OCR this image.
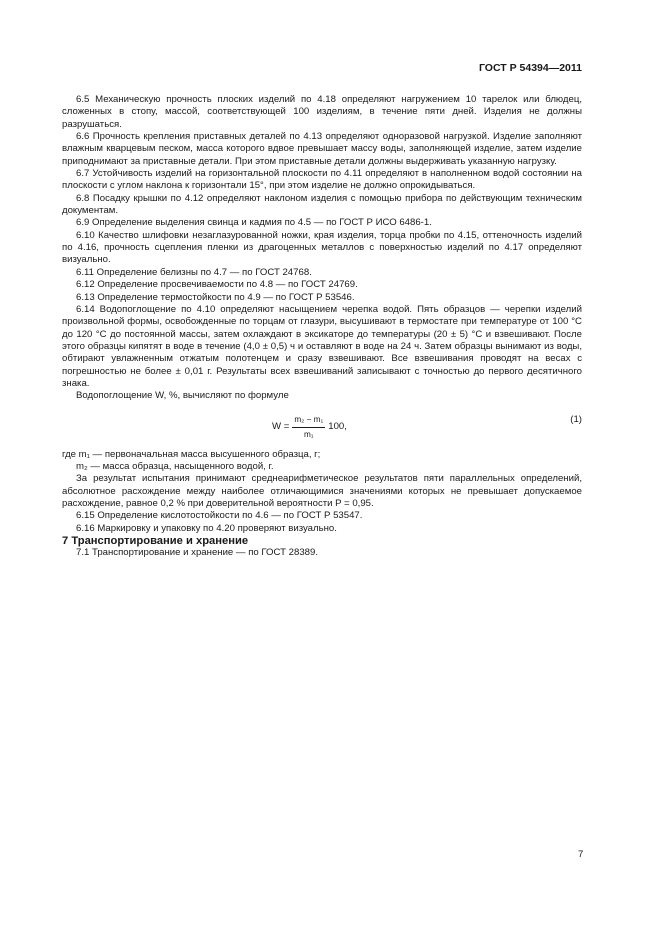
ГОСТ Р 54394—2011

6.5 Механическую прочность плоских изделий по 4.18 определяют нагружением 10 тарелок или блюдец, сложенных в стопу, массой, соответствующей 100 изделиям, в течение пяти дней. Изделия не должны разрушаться.

6.6 Прочность крепления приставных деталей по 4.13 определяют одноразовой нагрузкой. Изделие заполняют влажным кварцевым песком, масса которого вдвое превышает массу воды, заполняющей изделие, затем изделие приподнимают за приставные детали. При этом приставные детали должны выдерживать указанную нагрузку.

6.7 Устойчивость изделий на горизонтальной плоскости по 4.11 определяют в наполненном водой состоянии на плоскости с углом наклона к горизонтали 15°, при этом изделие не должно опрокидываться.

6.8 Посадку крышки по 4.12 определяют наклоном изделия с помощью прибора по действующим техническим документам.

6.9 Определение выделения свинца и кадмия по 4.5 — по ГОСТ Р ИСО 6486-1.

6.10 Качество шлифовки незаглазурованной ножки, края изделия, торца пробки по 4.15, оттеночность изделий по 4.16, прочность сцепления пленки из драгоценных металлов с поверхностью изделий по 4.17 определяют визуально.

6.11 Определение белизны по 4.7 — по ГОСТ 24768.

6.12 Определение просвечиваемости по 4.8 — по ГОСТ 24769.

6.13 Определение термостойкости по 4.9 — по ГОСТ Р 53546.

6.14 Водопоглощение по 4.10 определяют насыщением черепка водой. Пять образцов — черепки изделий произвольной формы, освобожденные по торцам от глазури, высушивают в термостате при температуре от 100 °С до 120 °С до постоянной массы, затем охлаждают в эксикаторе до температуры (20 ± 5) °С и взвешивают. После этого образцы кипятят в воде в течение (4,0 ± 0,5) ч и оставляют в воде на 24 ч. Затем образцы вынимают из воды, обтирают увлажненным отжатым полотенцем и сразу взвешивают. Все взвешивания проводят на весах с погрешностью не более ± 0,01 г. Результаты всех взвешиваний записывают с точностью до первого десятичного знака.

Водопоглощение W, %, вычисляют по формуле

$W = \frac{\text{m₂ − m₁}}{\text{m₁}} 100$,
(1)

где m₁ — первоначальная масса высушенного образца, г;

m₂ — масса образца, насыщенного водой, г.

За результат испытания принимают среднеарифметическое результатов пяти параллельных определений, абсолютное расхождение между наиболее отличающимися значениями которых не превышает допускаемое расхождение, равное 0,2 % при доверительной вероятности P = 0,95.

6.15 Определение кислотостойкости по 4.6 — по ГОСТ Р 53547.

6.16 Маркировку и упаковку по 4.20 проверяют визуально.

7 Транспортирование и хранение

7.1 Транспортирование и хранение — по ГОСТ 28389.

7
